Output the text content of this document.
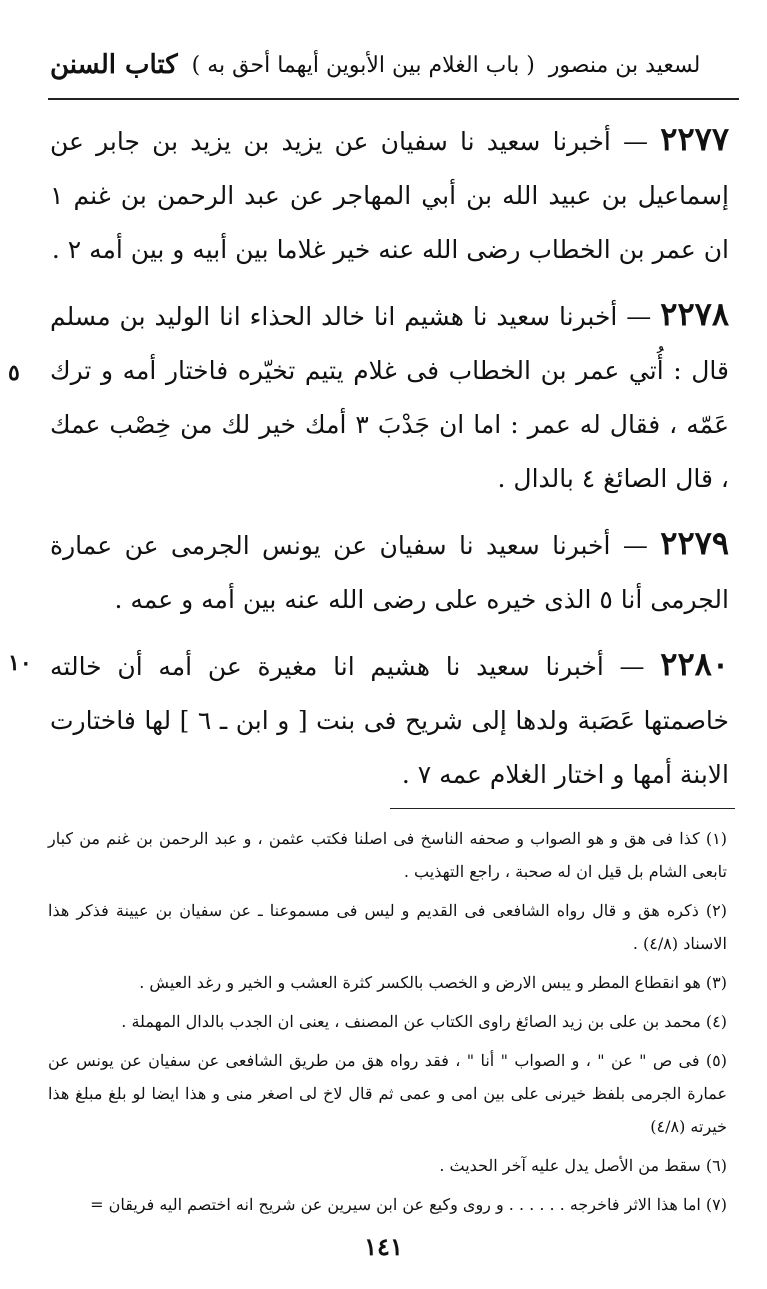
كتاب السنن ( باب الغلام بين الأبوين أيهما أحق به ) لسعيد بن منصور
٥
١٠

٢٢٧٧ — أخبرنا سعيد نا سفيان عن يزيد بن يزيد بن جابر عن إسماعيل بن عبيد الله بن أبي المهاجر عن عبد الرحمن بن غنم ١ ان عمر بن الخطاب رضى الله عنه خير غلاما بين أبيه و بين أمه ٢ .

٢٢٧٨ — أخبرنا سعيد نا هشيم انا خالد الحذاء انا الوليد بن مسلم قال : أُتي عمر بن الخطاب فى غلام يتيم تخيّره فاختار أمه و ترك عَمّه ، فقال له عمر : اما ان جَدْبَ ٣ أمك خير لك من خِصْب عمك ، قال الصائغ ٤ بالدال .

٢٢٧٩ — أخبرنا سعيد نا سفيان عن يونس الجرمى عن عمارة الجرمى أنا ٥ الذى خيره على رضى الله عنه بين أمه و عمه .

٢٢٨٠ — أخبرنا سعيد نا هشيم انا مغيرة عن أمه أن خالته خاصمتها عَصَبة ولدها إلى شريح فى بنت [ و ابن ـ ٦ ] لها فاختارت الابنة أمها و اختار الغلام عمه ٧ .

(١) كذا فى هق و هو الصواب و صحفه الناسخ فى اصلنا فكتب عثمن ، و عبد الرحمن بن غنم من كبار تابعى الشام بل قيل ان له صحبة ، راجع التهذيب .

(٢) ذكره هق و قال رواه الشافعى فى القديم و ليس فى مسموعنا ـ عن سفيان بن عيينة فذكر هذا الاسناد (٤/٨) .

(٣) هو انقطاع المطر و يبس الارض و الخصب بالكسر كثرة العشب و الخير و رغد العيش .

(٤) محمد بن على بن زيد الصائغ راوى الكتاب عن المصنف ، يعنى ان الجدب بالدال المهملة .

(٥) فى ص " عن " ، و الصواب " أنا " ، فقد رواه هق من طريق الشافعى عن سفيان عن يونس عن عمارة الجرمى بلفظ خيرنى على بين امى و عمى ثم قال لاخ لى اصغر منى و هذا ايضا لو بلغ مبلغ هذا خيرته (٤/٨)

(٦) سقط من الأصل يدل عليه آخر الحديث .

(٧) اما هذا الاثر فاخرجه . . . . . . و روى وكيع عن ابن سيرين عن شريح انه اختصم اليه فريقان =

١٤١
